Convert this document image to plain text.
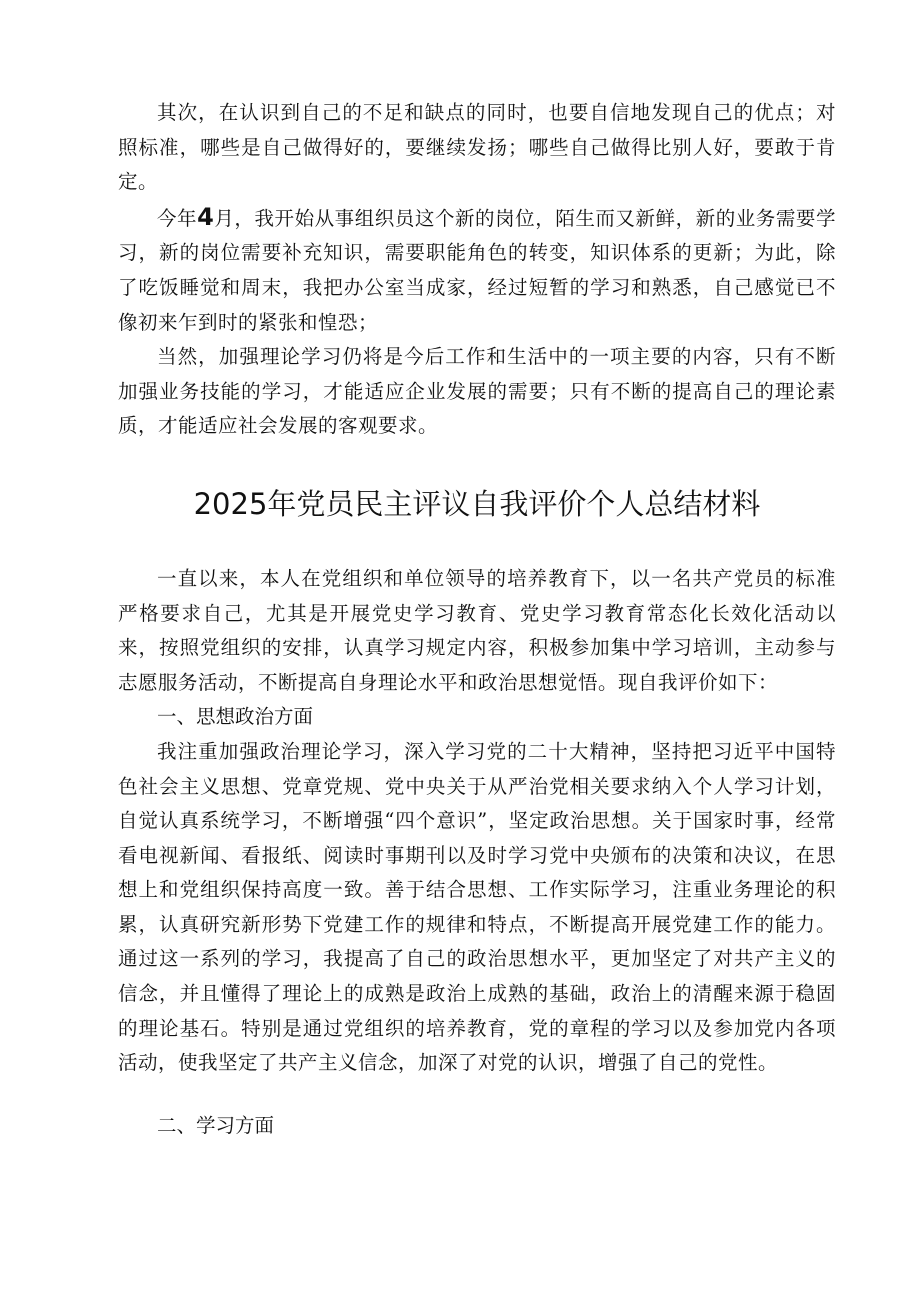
其次，在认识到自己的不足和缺点的同时，也要自信地发现自己的优点；对照标准，哪些是自己做得好的，要继续发扬；哪些自己做得比别人好，要敢于肯定。

今年4月，我开始从事组织员这个新的岗位，陌生而又新鲜，新的业务需要学习，新的岗位需要补充知识，需要职能角色的转变，知识体系的更新；为此，除了吃饭睡觉和周末，我把办公室当成家，经过短暂的学习和熟悉，自己感觉已不像初来乍到时的紧张和惶恐；

当然，加强理论学习仍将是今后工作和生活中的一项主要的内容，只有不断加强业务技能的学习，才能适应企业发展的需要；只有不断的提高自己的理论素质，才能适应社会发展的客观要求。

2025年党员民主评议自我评价个人总结材料

一直以来，本人在党组织和单位领导的培养教育下，以一名共产党员的标准严格要求自己，尤其是开展党史学习教育、党史学习教育常态化长效化活动以来，按照党组织的安排，认真学习规定内容，积极参加集中学习培训，主动参与志愿服务活动，不断提高自身理论水平和政治思想觉悟。现自我评价如下：

一、思想政治方面

我注重加强政治理论学习，深入学习党的二十大精神，坚持把习近平中国特色社会主义思想、党章党规、党中央关于从严治党相关要求纳入个人学习计划，自觉认真系统学习，不断增强“四个意识”，坚定政治思想。关于国家时事，经常看电视新闻、看报纸、阅读时事期刊以及时学习党中央颁布的决策和决议，在思想上和党组织保持高度一致。善于结合思想、工作实际学习，注重业务理论的积累，认真研究新形势下党建工作的规律和特点，不断提高开展党建工作的能力。通过这一系列的学习，我提高了自己的政治思想水平，更加坚定了对共产主义的信念，并且懂得了理论上的成熟是政治上成熟的基础，政治上的清醒来源于稳固的理论基石。特别是通过党组织的培养教育，党的章程的学习以及参加党内各项活动，使我坚定了共产主义信念，加深了对党的认识，增强了自己的党性。

二、学习方面
